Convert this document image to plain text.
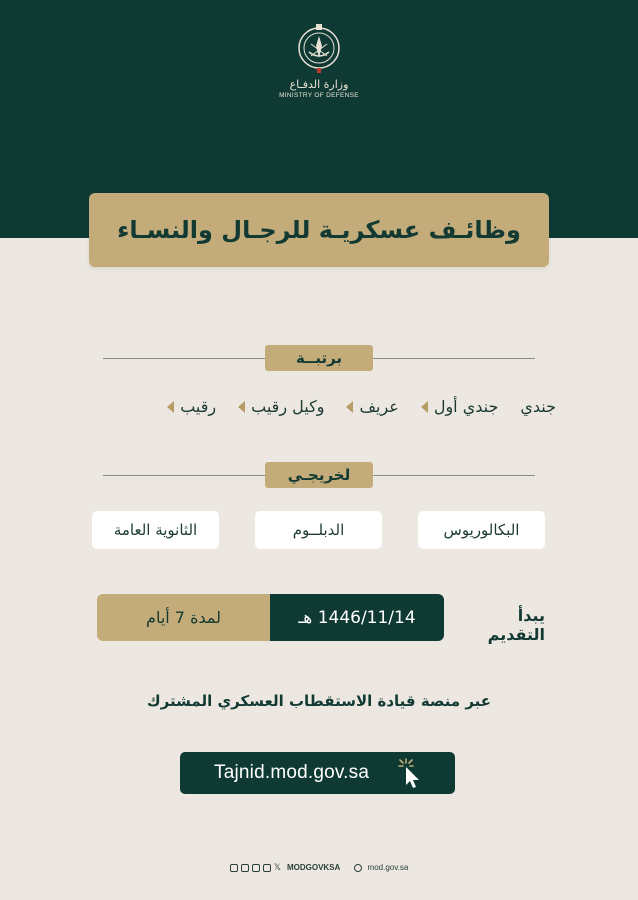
وزارة الدفـاع
MINISTRY OF DEFENSE
وظائـف عسكريـة للرجـال والنسـاء
برتبــة
رقيب وكيل رقيب عريف جندي أول جندي
لخريجـي
البكالوريوس
الدبلــوم
الثانوية العامة
يبدأ التقديم
لمدة 7 أيام	1446/11/14 هـ
عبر منصة قيادة الاستقطاب العسكري المشترك
Tajnid.mod.gov.sa
𝕏 MODGOVKSA	mod.gov.sa
